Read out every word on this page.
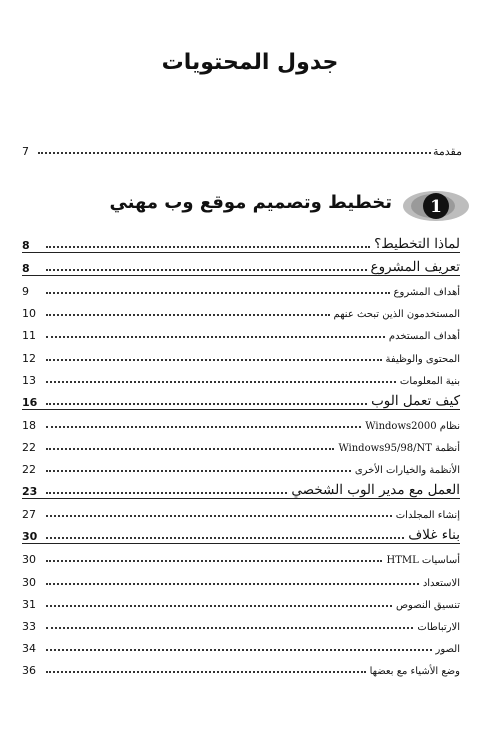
جدول المحتويات
مقدمة
7
1
تخطيط وتصميم موقع وب مهني
لماذا التخطيط؟
8
تعريف المشروع
8
أهداف المشروع
9
المستخدمون الذين تبحث عنهم
10
أهداف المستخدم
11
المحتوى والوظيفة
12
بنية المعلومات
13
كيف تعمل الوب
16
نظام Windows2000
18
أنظمة Windows95/98/NT
22
الأنظمة والخيارات الأخرى
22
العمل مع مدير الوب الشخصي
23
إنشاء المجلدات
27
بناء غلاف
30
أساسيات HTML
30
الاستعداد
30
تنسيق النصوص
31
الارتباطات
33
الصور
34
وضع الأشياء مع بعضها
36
